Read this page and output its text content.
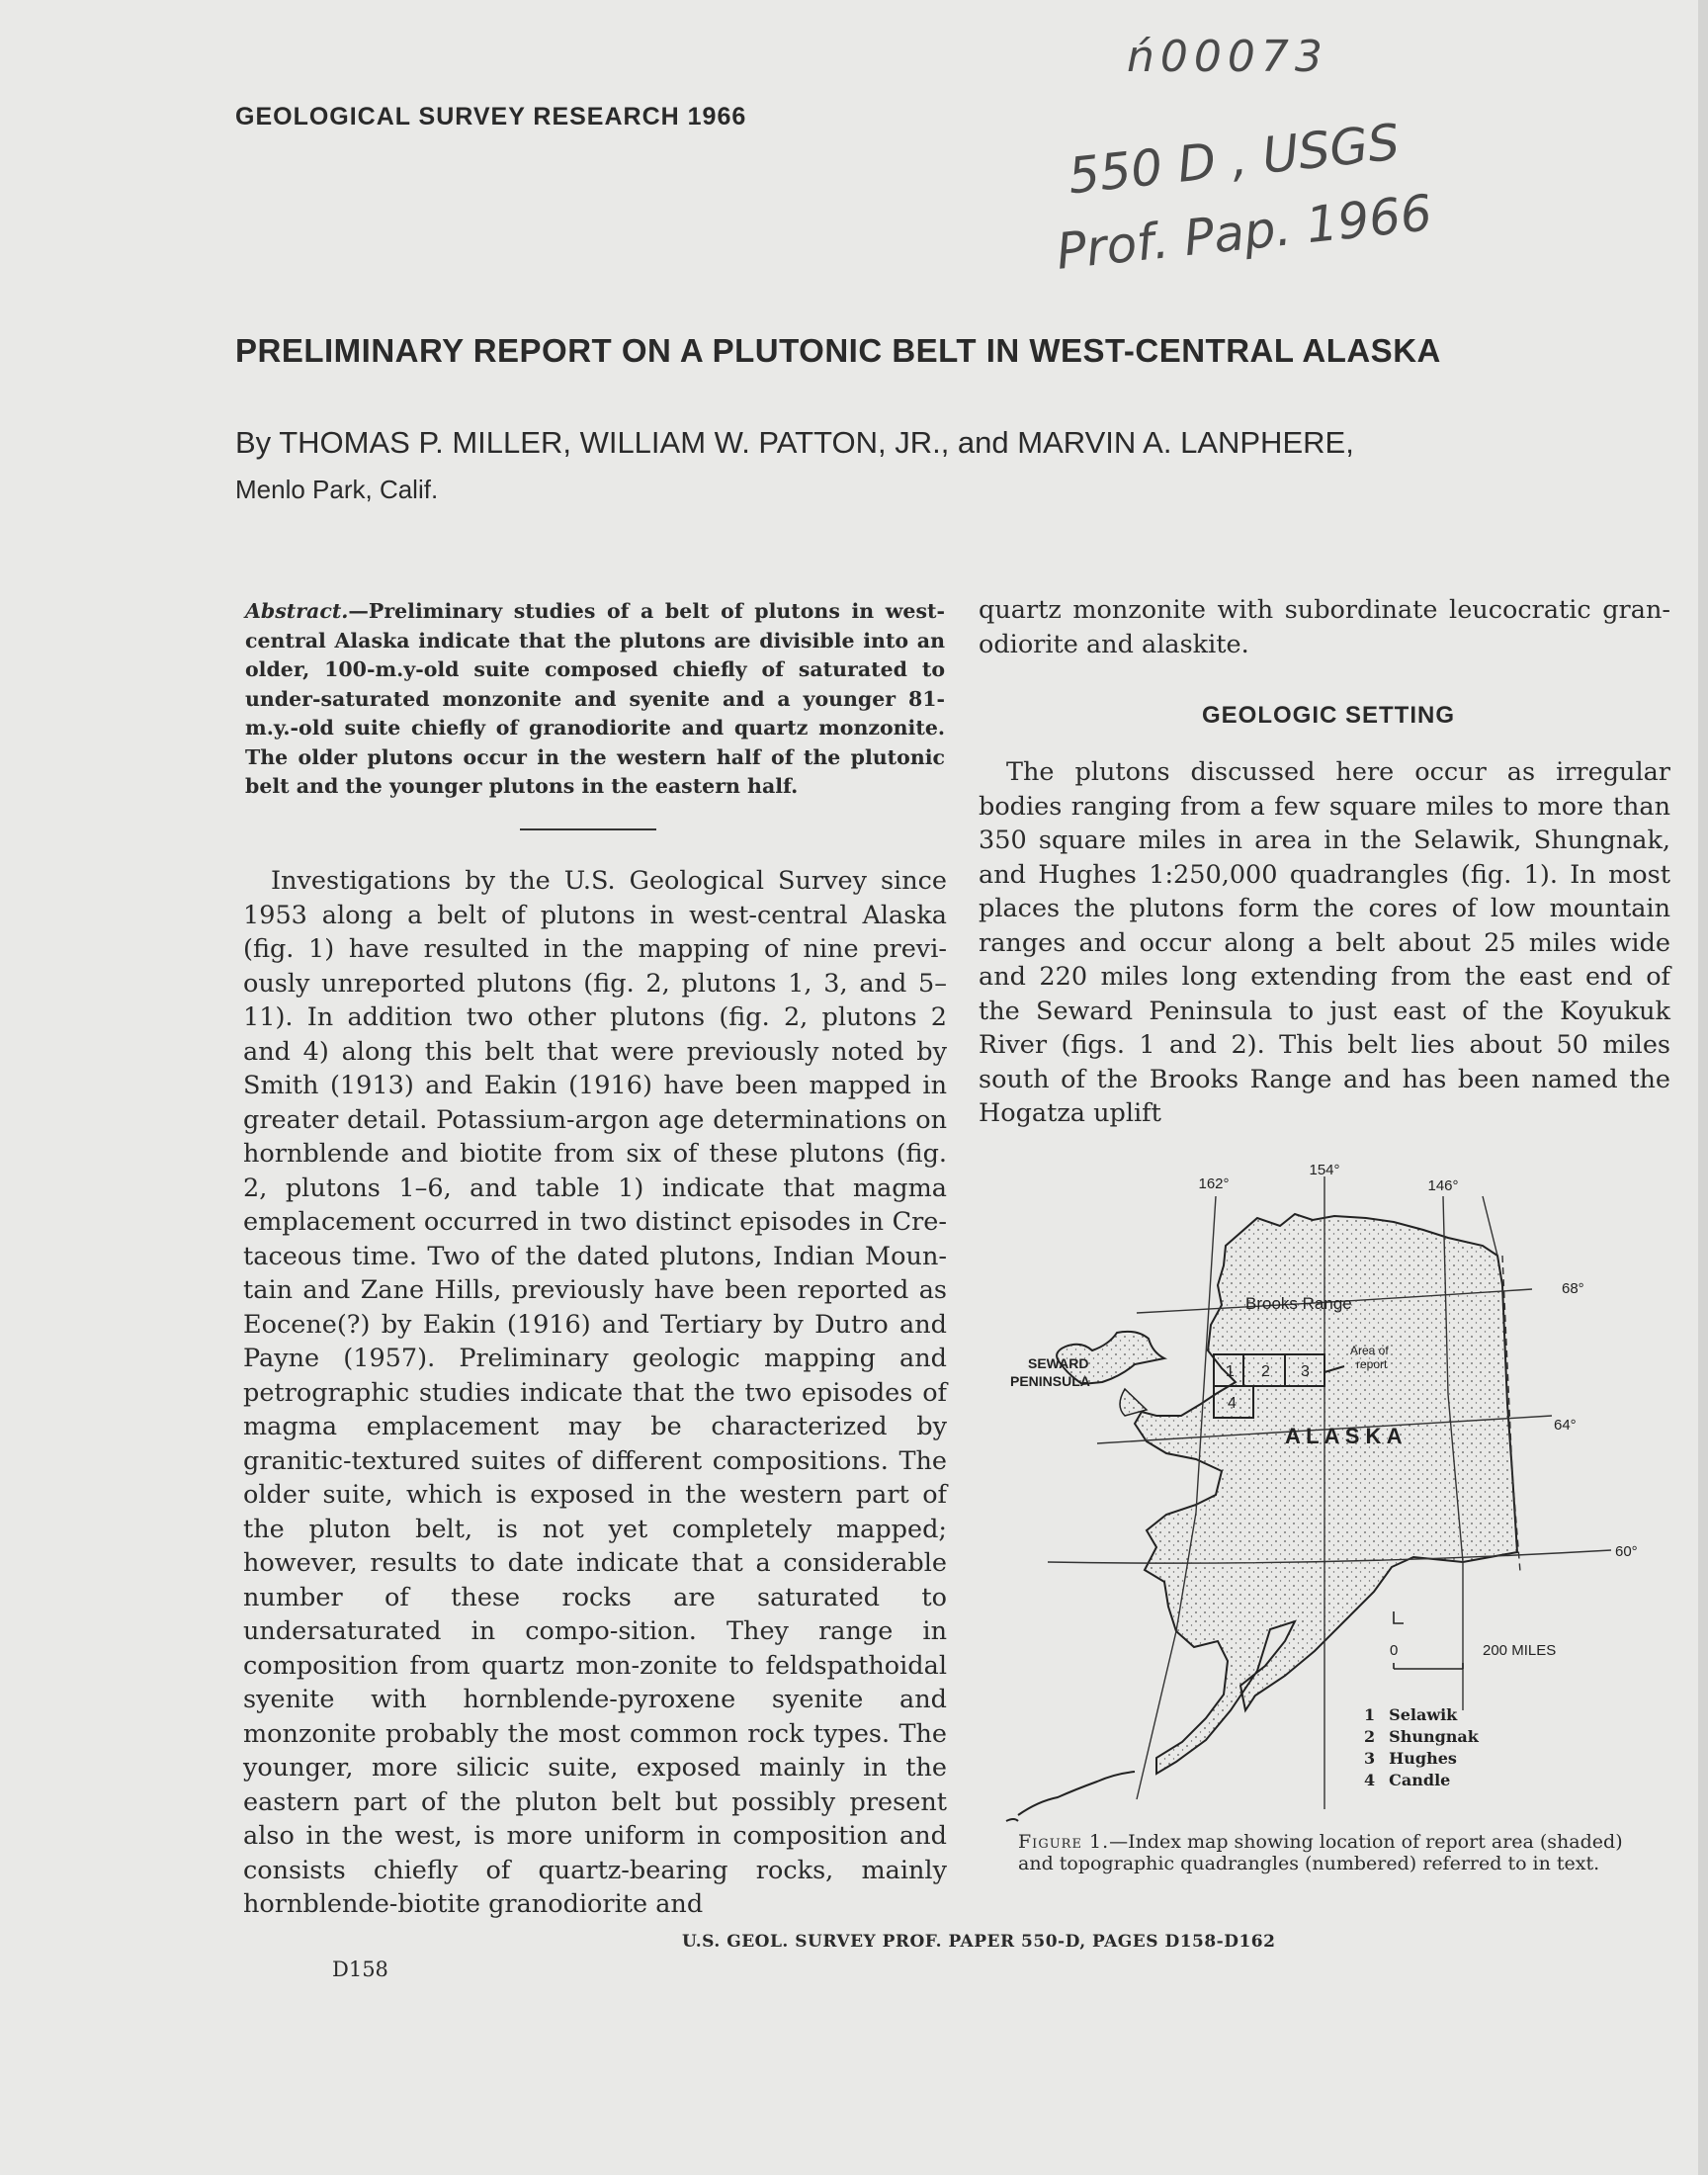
GEOLOGICAL SURVEY RESEARCH 1966
ń00073
550 D , USGS
Prof. Pap. 1966
PRELIMINARY REPORT ON A PLUTONIC BELT IN WEST-CENTRAL ALASKA
By THOMAS P. MILLER, WILLIAM W. PATTON, JR., and MARVIN A. LANPHERE,
Menlo Park, Calif.
Abstract.—Preliminary studies of a belt of plutons in west-central Alaska indicate that the plutons are divisible into an older, 100-m.y-old suite composed chiefly of saturated to under-saturated monzonite and syenite and a younger 81-m.y.-old suite chiefly of granodiorite and quartz monzonite. The older plutons occur in the western half of the plutonic belt and the younger plutons in the eastern half.
Investigations by the U.S. Geological Survey since 1953 along a belt of plutons in west-central Alaska (fig. 1) have resulted in the mapping of nine previ-ously unreported plutons (fig. 2, plutons 1, 3, and 5–11). In addition two other plutons (fig. 2, plutons 2 and 4) along this belt that were previously noted by Smith (1913) and Eakin (1916) have been mapped in greater detail. Potassium-argon age determinations on hornblende and biotite from six of these plutons (fig. 2, plutons 1–6, and table 1) indicate that magma emplacement occurred in two distinct episodes in Cre-taceous time. Two of the dated plutons, Indian Moun-tain and Zane Hills, previously have been reported as Eocene(?) by Eakin (1916) and Tertiary by Dutro and Payne (1957). Preliminary geologic mapping and petrographic studies indicate that the two episodes of magma emplacement may be characterized by granitic-textured suites of different compositions. The older suite, which is exposed in the western part of the pluton belt, is not yet completely mapped; however, results to date indicate that a considerable number of these rocks are saturated to undersaturated in compo-sition. They range in composition from quartz mon-zonite to feldspathoidal syenite with hornblende-pyroxene syenite and monzonite probably the most common rock types. The younger, more silicic suite, exposed mainly in the eastern part of the pluton belt but possibly present also in the west, is more uniform in composition and consists chiefly of quartz-bearing rocks, mainly hornblende-biotite granodiorite and
quartz monzonite with subordinate leucocratic gran-odiorite and alaskite.
GEOLOGIC SETTING
The plutons discussed here occur as irregular bodies ranging from a few square miles to more than 350 square miles in area in the Selawik, Shungnak, and Hughes 1:250,000 quadrangles (fig. 1). In most places the plutons form the cores of low mountain ranges and occur along a belt about 25 miles wide and 220 miles long extending from the east end of the Seward Peninsula to just east of the Koyukuk River (figs. 1 and 2). This belt lies about 50 miles south of the Brooks Range and has been named the Hogatza uplift
162°
154°
146°
68°
64°
60°
Brooks Range
SEWARD
PENINSULA
A L A S K A
Area of
report
1 2 3
4
0	200 MILES
1 Selawik
2 Shungnak
3 Hughes
4 Candle
Figure 1.—Index map showing location of report area (shaded) and topographic quadrangles (numbered) referred to in text.
U.S. GEOL. SURVEY PROF. PAPER 550-D, PAGES D158-D162
D158
